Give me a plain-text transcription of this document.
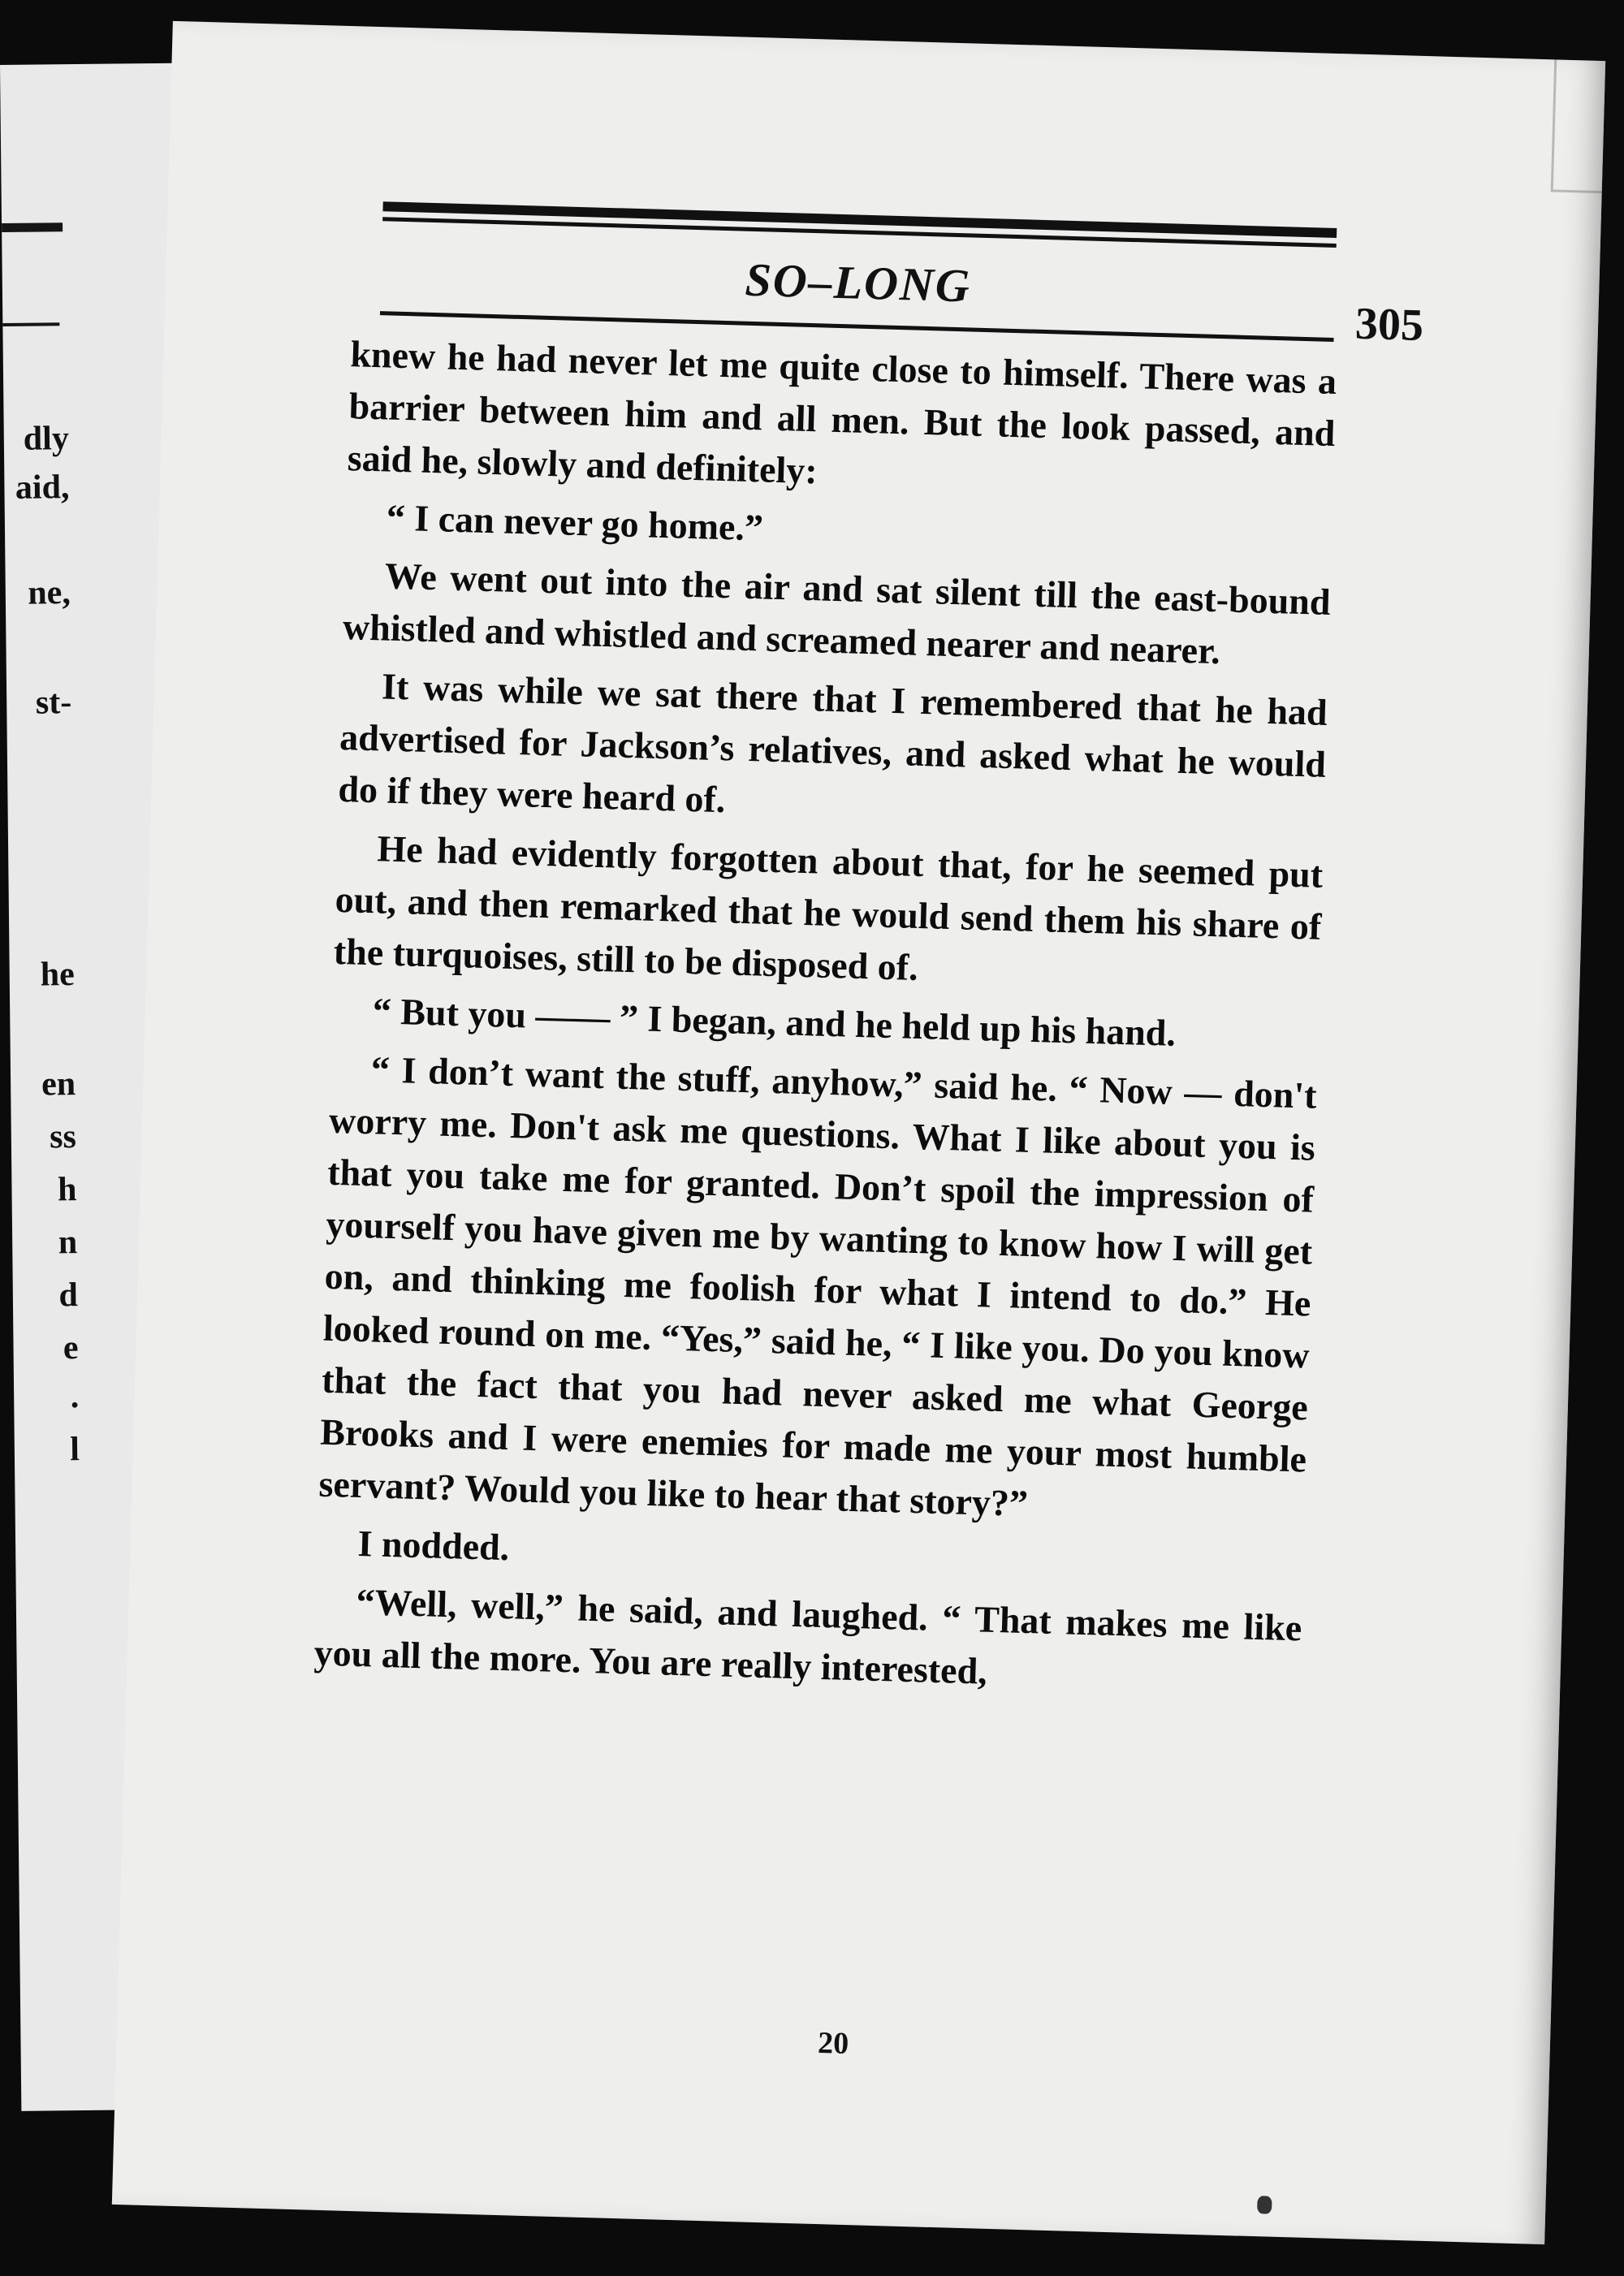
dly
aid,
ne,
st-
he
en
ss
h
n
d
e
.
l
SO–LONG
305

knew he had never let me quite close to himself. There was a barrier between him and all men. But the look passed, and said he, slowly and definitely:

“ I can never go home.”

We went out into the air and sat silent till the east-bound whistled and whistled and screamed nearer and nearer.

It was while we sat there that I remembered that he had advertised for Jackson’s relatives, and asked what he would do if they were heard of.

He had evidently forgotten about that, for he seemed put out, and then remarked that he would send them his share of the turquoises, still to be disposed of.

“ But you —— ” I began, and he held up his hand.

“ I don’t want the stuff, anyhow,” said he. “ Now — don't worry me. Don't ask me questions. What I like about you is that you take me for granted. Don’t spoil the impression of yourself you have given me by wanting to know how I will get on, and thinking me foolish for what I intend to do.” He looked round on me. “Yes,” said he, “ I like you. Do you know that the fact that you had never asked me what George Brooks and I were enemies for made me your most humble servant? Would you like to hear that story?”

I nodded.

“Well, well,” he said, and laughed. “ That makes me like you all the more. You are really interested,

20
